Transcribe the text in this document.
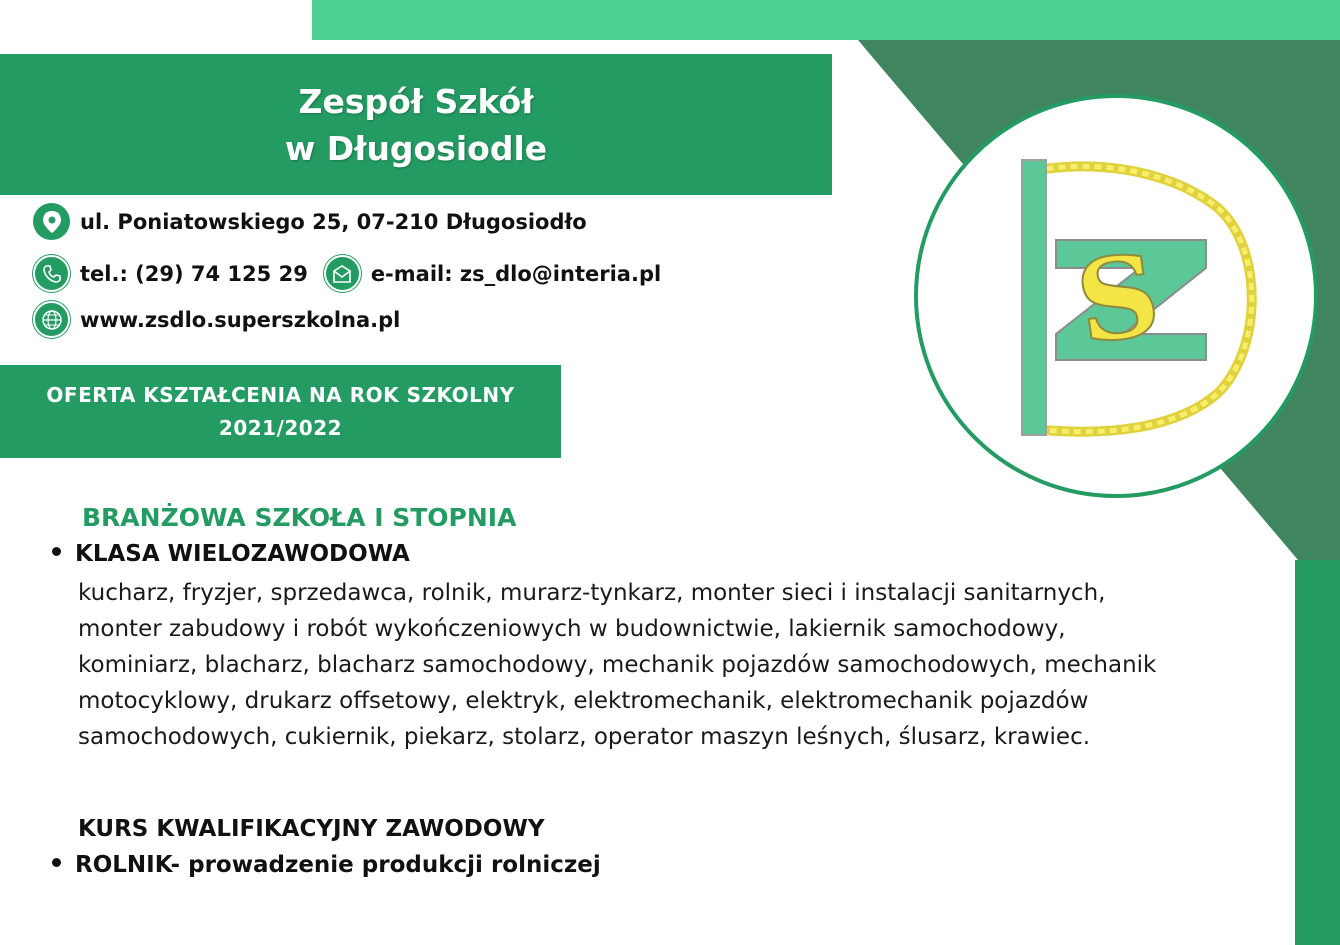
Zespół Szkół
w Długosiodle
ul. Poniatowskiego 25, 07-210 Długosiodło
tel.: (29) 74 125 29	e-mail: zs_dlo@interia.pl
www.zsdlo.superszkolna.pl
OFERTA KSZTAŁCENIA NA ROK SZKOLNY
2021/2022
S
BRANŻOWA SZKOŁA I STOPNIA
KLASA WIELOZAWODOWA
kucharz, fryzjer, sprzedawca, rolnik, murarz-tynkarz, monter sieci i instalacji sanitarnych, monter zabudowy i robót wykończeniowych w budownictwie, lakiernik samochodowy, kominiarz, blacharz, blacharz samochodowy, mechanik pojazdów samochodowych, mechanik motocyklowy, drukarz offsetowy, elektryk, elektromechanik, elektromechanik pojazdów samochodowych, cukiernik, piekarz, stolarz, operator maszyn leśnych, ślusarz, krawiec.
KURS KWALIFIKACYJNY ZAWODOWY
ROLNIK- prowadzenie produkcji rolniczej
